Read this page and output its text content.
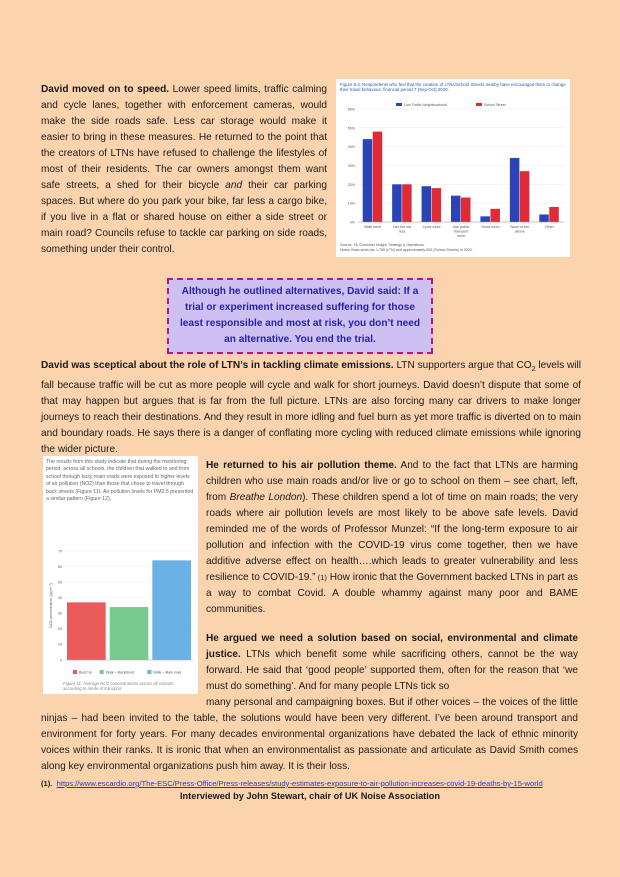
David moved on to speed. Lower speed limits, traffic calming and cycle lanes, together with enforcement cameras, would make the side roads safe. Less car storage would make it easier to bring in these measures. He returned to the point that the creators of LTNs have refused to challenge the lifestyles of most of their residents. The car owners amongst them want safe streets, a shed for their bicycle and their car parking spaces. But where do you park your bike, far less a cargo bike, if you live in a flat or shared house on either a side street or main road? Councils refuse to tackle car parking on side roads, something under their control.

Figure 8.6: Respondents who feel that the creation of LTNs/School Streets nearby have encouraged them to change their travel behaviour, financial period 7 (Sep-Oct) 2020.
0%
10%
20%
30%
40%
50%
60%
Low Traffic Neighbourhood	School Street
Walk more	Use the car
less
Cycle more	Use public
transport
more
Scoot more	None of the
above
Other
Source: TfL Customer Insight, Strategy & Operations.
Notes: Base sizes are 1,765 (LTN) and approximately 600 (School Streets) in 2020.
Although he outlined alternatives, David said: If a trial or experiment increased suffering for those least responsible and most at risk, you don’t need an alternative. You end the trial.

David was sceptical about the role of LTN’s in tackling climate emissions. LTN supporters argue that $CO_2$ levels will fall because traffic will be cut as more people will cycle and walk for short journeys. David doesn’t dispute that some of that may happen but argues that is far from the full picture. LTNs are also forcing many car drivers to make longer journeys to reach their destinations. And they result in more idling and fuel burn as yet more traffic is diverted on to main and boundary roads. He says there is a danger of conflating more cycling with reduced climate emissions while ignoring the wider picture.

The results from this study indicate that during the monitoring period, across all schools, the children that walked to and from school through busy main roads were exposed to higher levels of air pollution (NO2) than those that chose to travel through back streets (Figure 11). Air pollution levels for PM2.5 presented a similar pattern (Figure 12).
0
10
20
30
40
50
60
70
NO2 concentration (µg m⁻³)
Bus/Car	Walk – Backstreet	Walk – Main road
Figure 11. Average NO2 concentrations across all schools, according to mode of transport

He returned to his air pollution theme. And to the fact that LTNs are harming children who use main roads and/or live or go to school on them – see chart, left, from Breathe London). These children spend a lot of time on main roads; the very roads where air pollution levels are most likely to be above safe levels. David reminded me of the words of Professor Munzel: “If the long-term exposure to air pollution and infection with the COVID-19 virus come together, then we have additive adverse effect on health….which leads to greater vulnerability and less resilience to COVID-19.” (1) How ironic that the Government backed LTNs in part as a way to combat Covid. A double whammy against many poor and BAME communities.

He argued we need a solution based on social, environmental and climate justice. LTNs which benefit some while sacrificing others, cannot be the way forward. He said that ‘good people’ supported them, often for the reason that ‘we must do something’. And for many people LTNs tick so

many personal and campaigning boxes. But if other voices – the voices of the little ninjas – had been invited to the table, the solutions would have been very different. I’ve been around transport and environment for forty years. For many decades environmental organizations have debated the lack of ethnic minority voices within their ranks. It is ironic that when an environmentalist as passionate and articulate as David Smith comes along key environmental organizations push him away. It is their loss.

(1). https://www.escardio.org/The-ESC/Press-Office/Press-releases/study-estimates-exposure-to-air-pollution-increases-covid-19-deaths-by-15-world
Interviewed by John Stewart, chair of UK Noise Association
